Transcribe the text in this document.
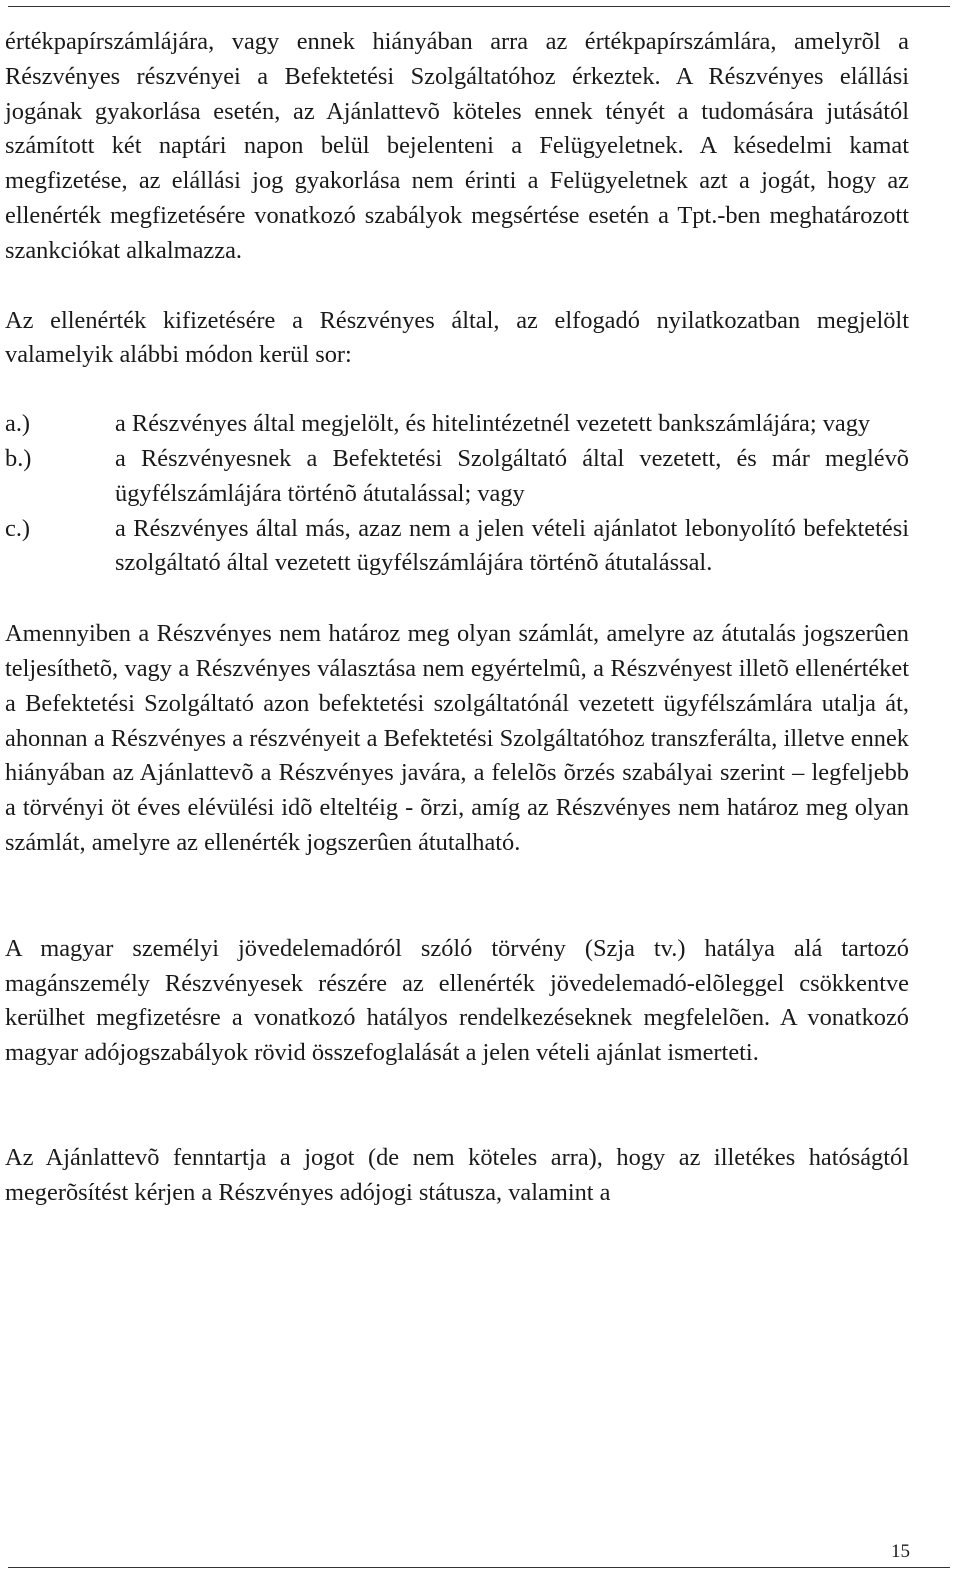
értékpapírszámlájára, vagy ennek hiányában arra az értékpapírszámlára, amelyrõl a Részvényes részvényei a Befektetési Szolgáltatóhoz érkeztek. A Részvényes elállási jogának gyakorlása esetén, az Ajánlattevõ köteles ennek tényét a tudomására jutásától számított két naptári napon belül bejelenteni a Felügyeletnek. A késedelmi kamat megfizetése, az elállási jog gyakorlása nem érinti a Felügyeletnek azt a jogát, hogy az ellenérték megfizetésére vonatkozó szabályok megsértése esetén a Tpt.-ben meghatározott szankciókat alkalmazza.

Az ellenérték kifizetésére a Részvényes által, az elfogadó nyilatkozatban megjelölt valamelyik alábbi módon kerül sor:

a.)	a Részvényes által megjelölt, és hitelintézetnél vezetett bankszámlájára; vagy
b.)	a Részvényesnek a Befektetési Szolgáltató által vezetett, és már meglévõ ügyfélszámlájára történõ átutalással; vagy
c.)	a Részvényes által más, azaz nem a jelen vételi ajánlatot lebonyolító befektetési szolgáltató által vezetett ügyfélszámlájára történõ átutalással.

Amennyiben a Részvényes nem határoz meg olyan számlát, amelyre az átutalás jogszerûen teljesíthetõ, vagy a Részvényes választása nem egyértelmû, a Részvényest illetõ ellenértéket a Befektetési Szolgáltató azon befektetési szolgáltatónál vezetett ügyfélszámlára utalja át, ahonnan a Részvényes a részvényeit a Befektetési Szolgáltatóhoz transzferálta, illetve ennek hiányában az Ajánlattevõ a Részvényes javára, a felelõs õrzés szabályai szerint – legfeljebb a törvényi öt éves elévülési idõ elteltéig - õrzi, amíg az Részvényes nem határoz meg olyan számlát, amelyre az ellenérték jogszerûen átutalható.

A magyar személyi jövedelemadóról szóló törvény (Szja tv.) hatálya alá tartozó magánszemély Részvényesek részére az ellenérték jövedelemadó-elõleggel csökkentve kerülhet megfizetésre a vonatkozó hatályos rendelkezéseknek megfelelõen. A vonatkozó magyar adójogszabályok rövid összefoglalását a jelen vételi ajánlat ismerteti.

Az Ajánlattevõ fenntartja a jogot (de nem köteles arra), hogy az illetékes hatóságtól megerõsítést kérjen a Részvényes adójogi státusza, valamint a

15
